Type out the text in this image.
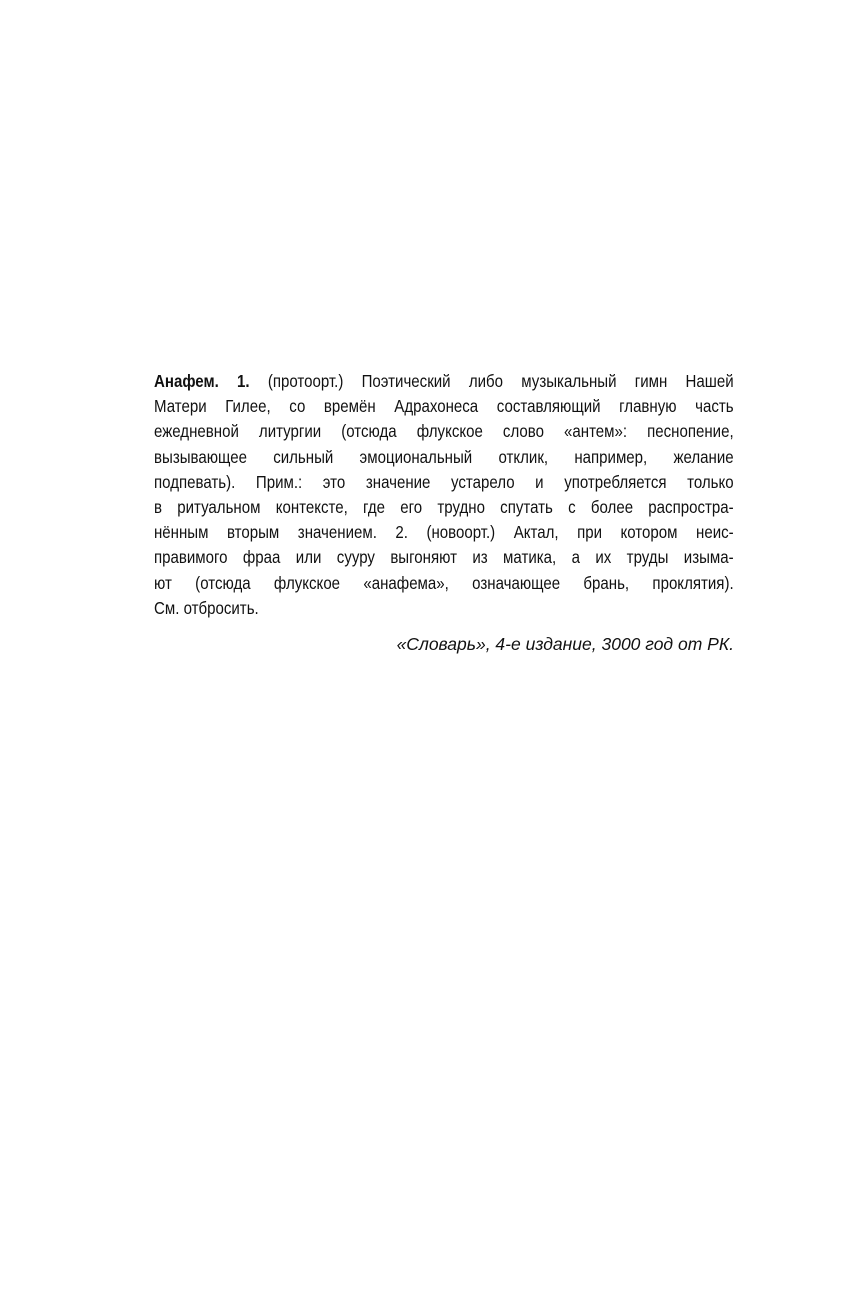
Анафем. 1. (протоорт.) Поэтический либо музыкальный гимн Нашей
Матери Гилее, со времён Адрахонеса составляющий главную часть
ежедневной литургии (отсюда флукское слово «антем»: песнопение,
вызывающее сильный эмоциональный отклик, например, желание
подпевать). Прим.: это значение устарело и употребляется только
в ритуальном контексте, где его трудно спутать с более распростра-
нённым вторым значением. 2. (новоорт.) Актал, при котором неис-
правимого фраа или сууру выгоняют из матика, а их труды изыма-
ют (отсюда флукское «анафема», означающее брань, проклятия).
См. отбросить.

«Словарь», 4-е издание, 3000 год от РК.
